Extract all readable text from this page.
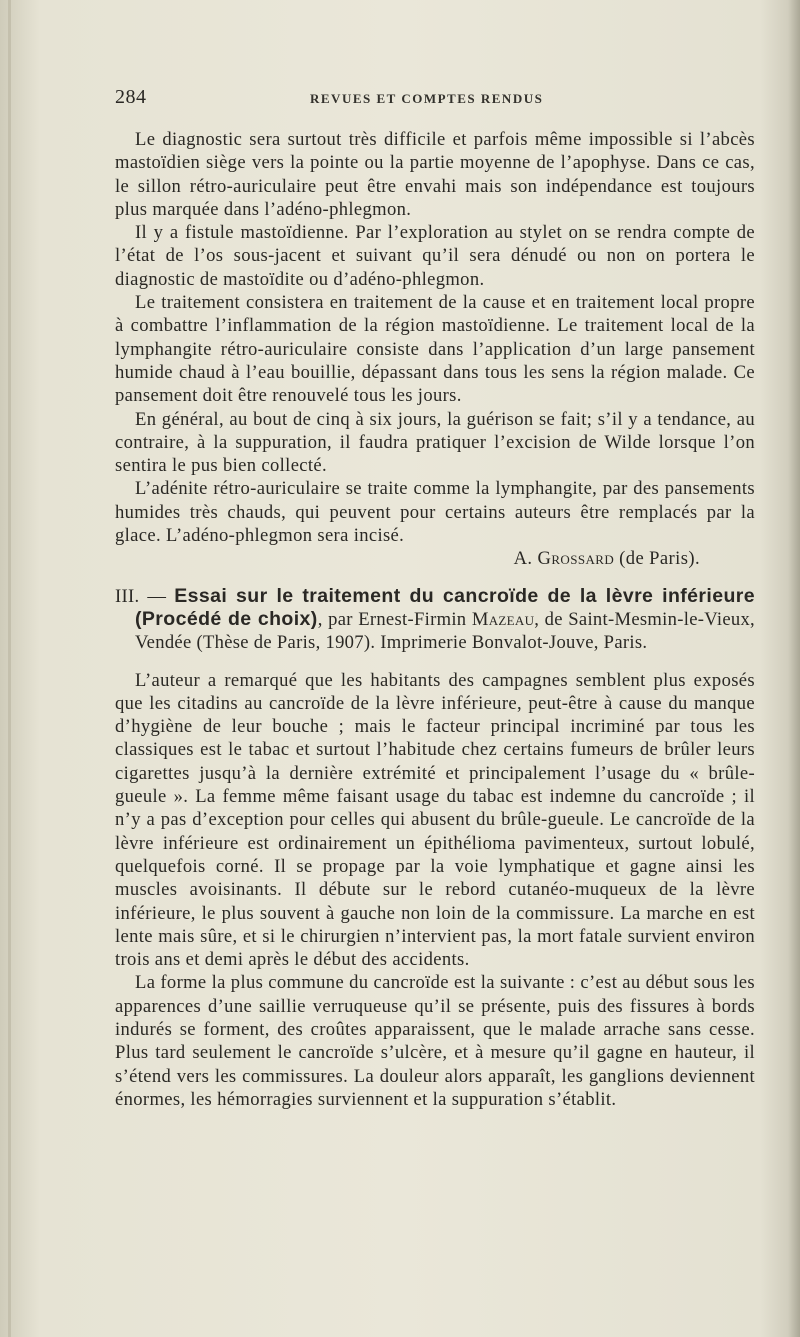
284	REVUES ET COMPTES RENDUS

Le diagnostic sera surtout très difficile et parfois même impossible si l’abcès mastoïdien siège vers la pointe ou la partie moyenne de l’apophyse. Dans ce cas, le sillon rétro-auriculaire peut être envahi mais son indépendance est toujours plus marquée dans l’adéno-phlegmon.

Il y a fistule mastoïdienne. Par l’exploration au stylet on se rendra compte de l’état de l’os sous-jacent et suivant qu’il sera dénudé ou non on portera le diagnostic de mastoïdite ou d’adéno-phlegmon.

Le traitement consistera en traitement de la cause et en traitement local propre à combattre l’inflammation de la région mastoïdienne. Le traitement local de la lymphangite rétro-auriculaire consiste dans l’application d’un large pansement humide chaud à l’eau bouillie, dépassant dans tous les sens la région malade. Ce pansement doit être renouvelé tous les jours.

En général, au bout de cinq à six jours, la guérison se fait; s’il y a tendance, au contraire, à la suppuration, il faudra pratiquer l’excision de Wilde lorsque l’on sentira le pus bien collecté.

L’adénite rétro-auriculaire se traite comme la lymphangite, par des pansements humides très chauds, qui peuvent pour certains auteurs être remplacés par la glace. L’adéno-phlegmon sera incisé.

A. Grossard (de Paris).
III. — Essai sur le traitement du cancroïde de la lèvre inférieure (Procédé de choix), par Ernest-Firmin Mazeau, de Saint-Mesmin-le-Vieux, Vendée (Thèse de Paris, 1907). Imprimerie Bonvalot-Jouve, Paris.

L’auteur a remarqué que les habitants des campagnes semblent plus exposés que les citadins au cancroïde de la lèvre inférieure, peut-être à cause du manque d’hygiène de leur bouche ; mais le facteur principal incriminé par tous les classiques est le tabac et surtout l’habitude chez certains fumeurs de brûler leurs cigarettes jusqu’à la dernière extrémité et principalement l’usage du « brûle-gueule ». La femme même faisant usage du tabac est indemne du cancroïde ; il n’y a pas d’exception pour celles qui abusent du brûle-gueule. Le cancroïde de la lèvre inférieure est ordinairement un épithélioma pavimenteux, surtout lobulé, quelquefois corné. Il se propage par la voie lymphatique et gagne ainsi les muscles avoisinants. Il débute sur le rebord cutanéo-muqueux de la lèvre inférieure, le plus souvent à gauche non loin de la commissure. La marche en est lente mais sûre, et si le chirurgien n’intervient pas, la mort fatale survient environ trois ans et demi après le début des accidents.

La forme la plus commune du cancroïde est la suivante : c’est au début sous les apparences d’une saillie verruqueuse qu’il se présente, puis des fissures à bords indurés se forment, des croûtes apparaissent, que le malade arrache sans cesse. Plus tard seulement le cancroïde s’ulcère, et à mesure qu’il gagne en hauteur, il s’étend vers les commissures. La douleur alors apparaît, les ganglions deviennent énormes, les hémorragies surviennent et la suppuration s’établit.
